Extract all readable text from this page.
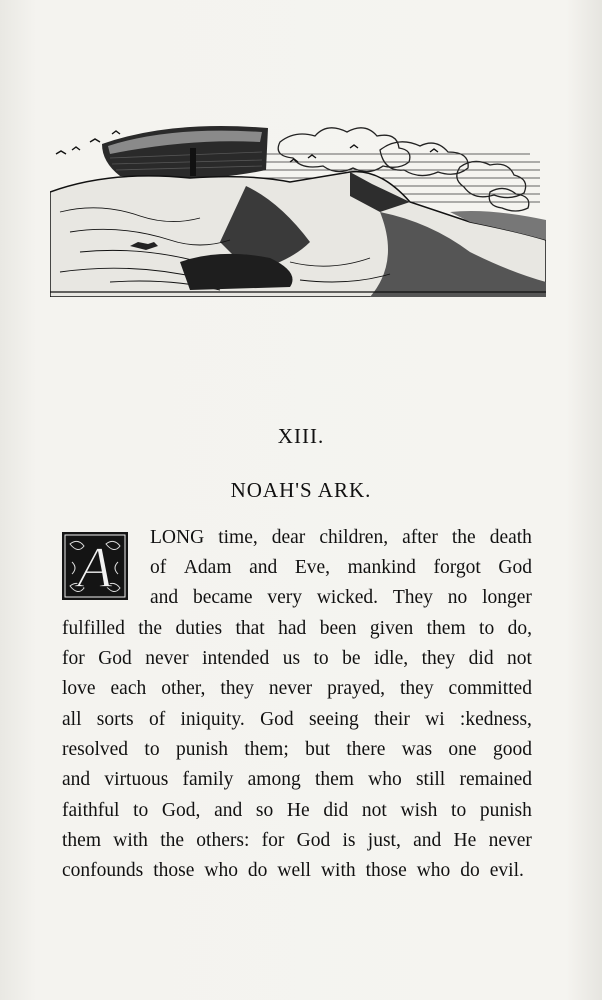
XIII.
NOAH'S ARK.
A LONG time, dear children, after the death
of Adam and Eve, mankind forgot God
and became very wicked. They no longer
fulfilled the duties that had been given them to do,
for God never intended us to be idle, they did not
love each other, they never prayed, they committed
all sorts of iniquity. God seeing their wi :kedness,
resolved to punish them; but there was one good
and virtuous family among them who still remained
faithful to God, and so He did not wish to punish
them with the others: for God is just, and He never
confounds those who do well with those who do evil.
